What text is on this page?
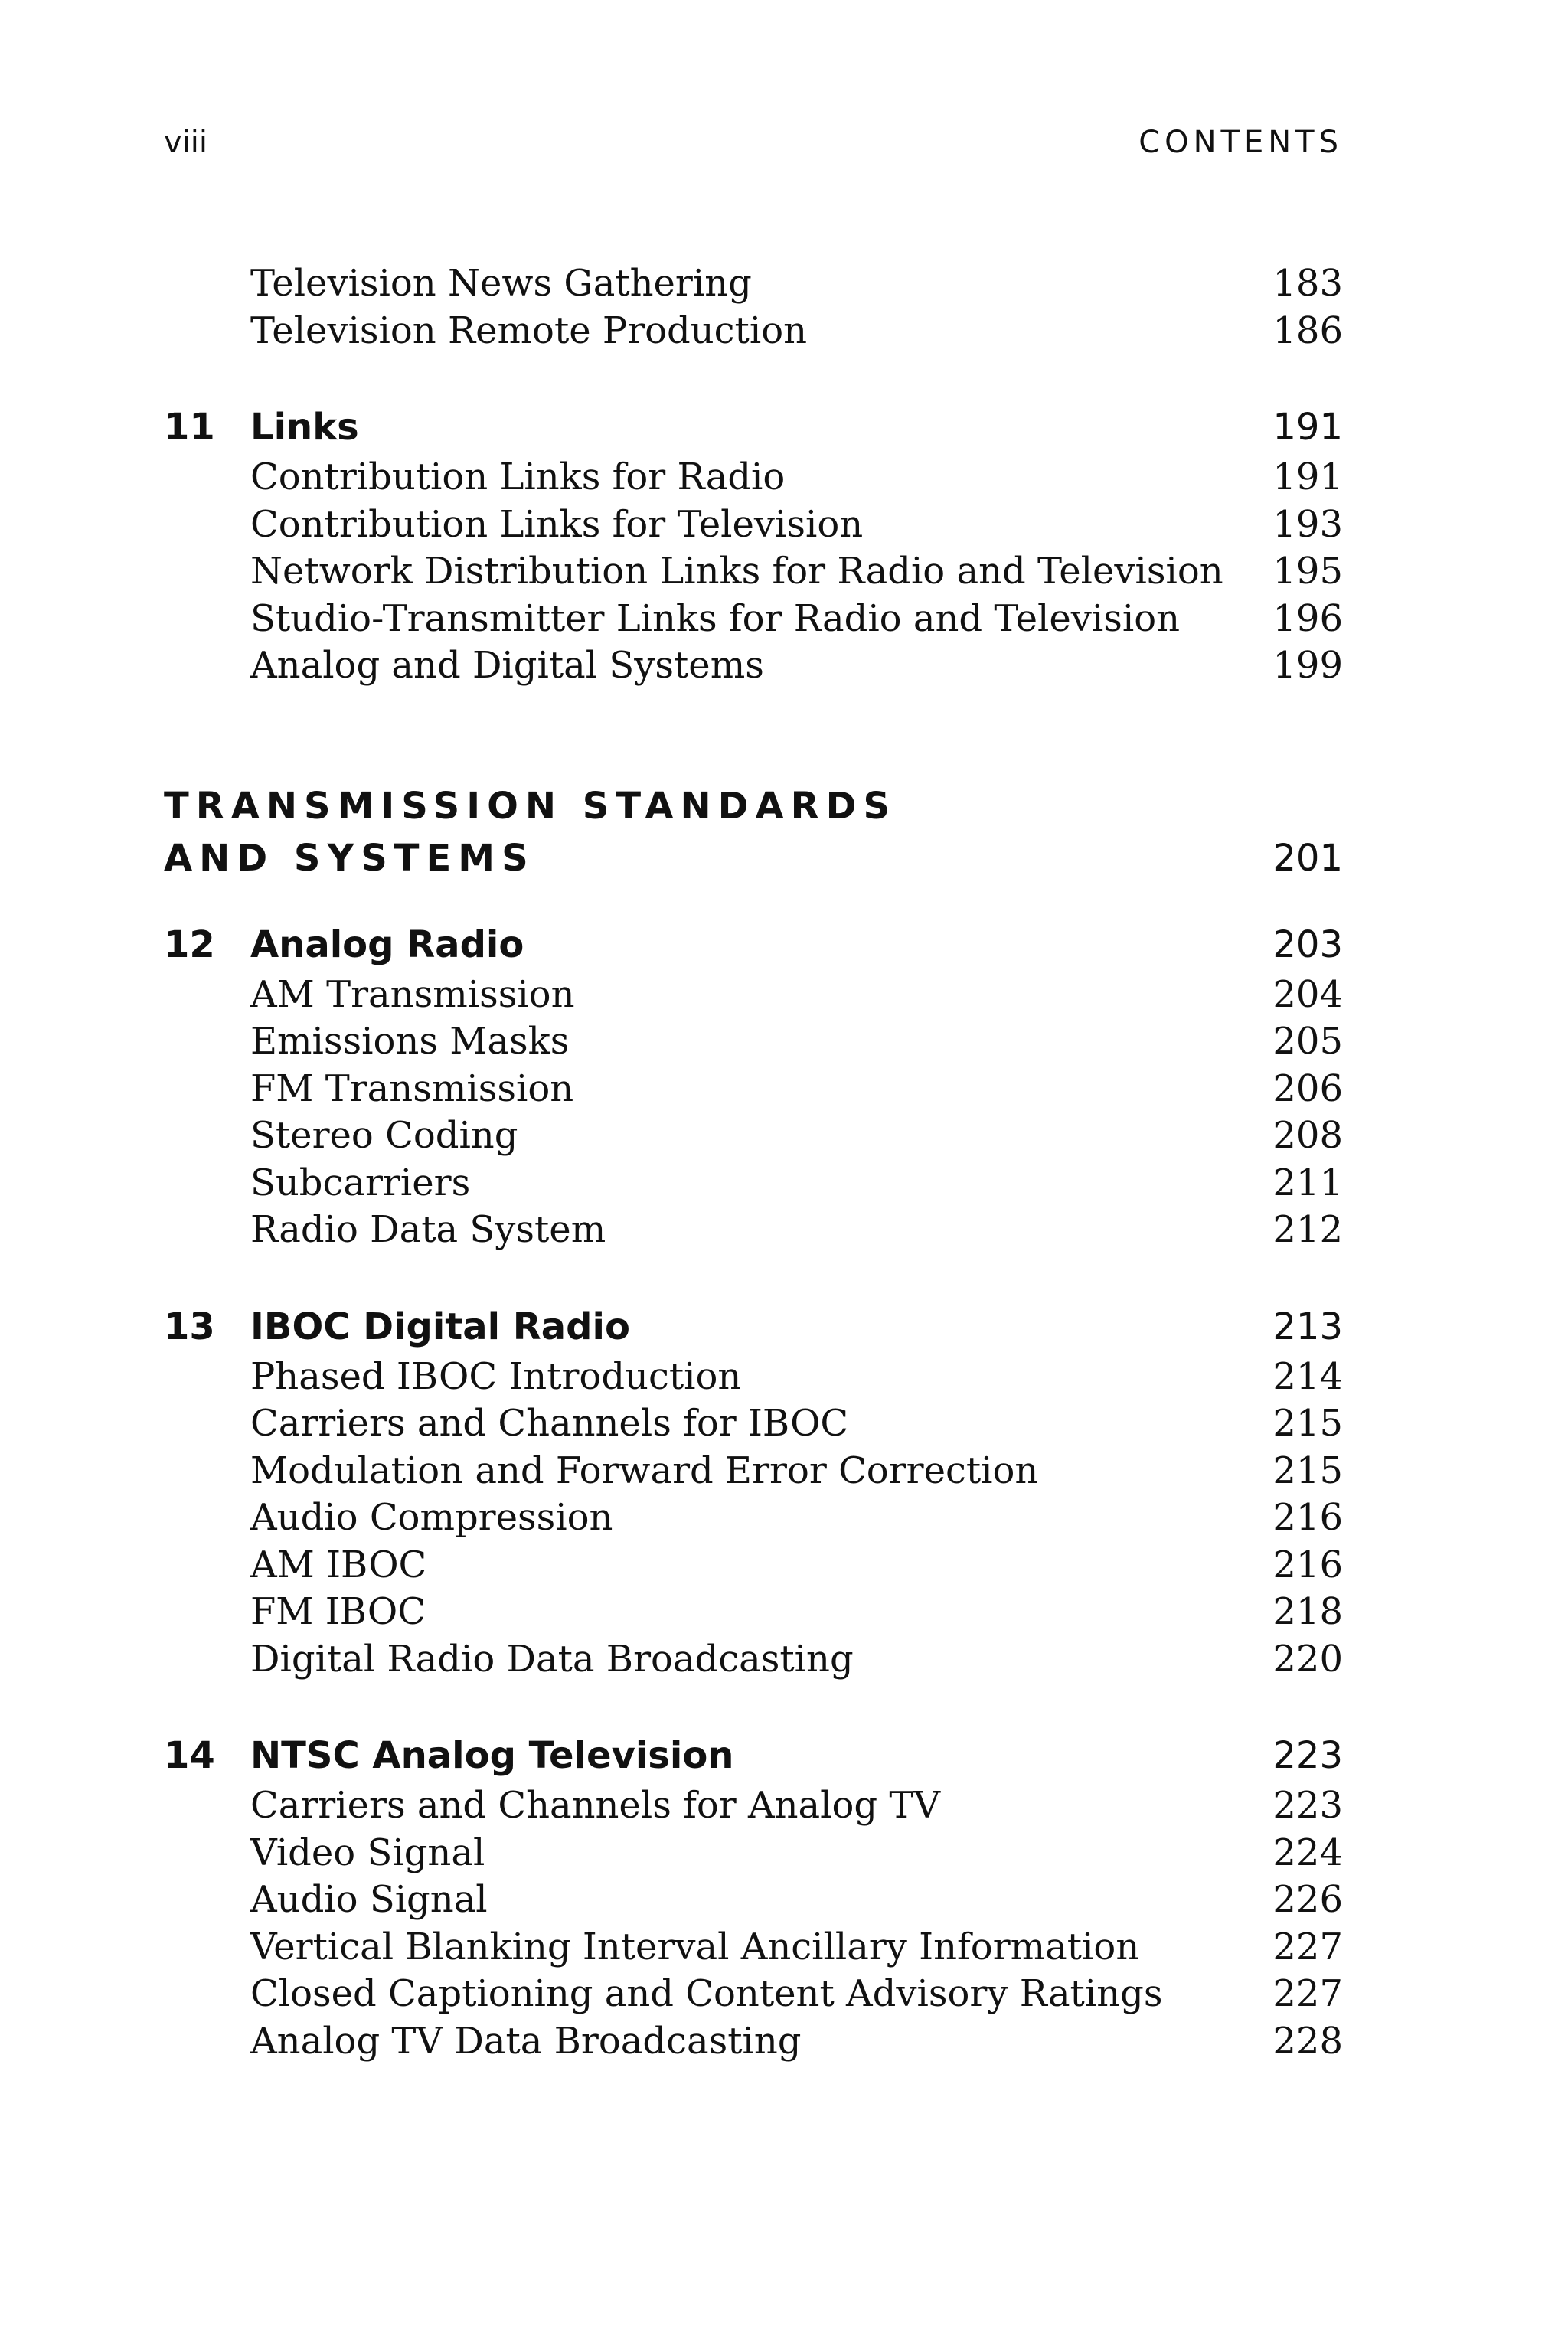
viii	CONTENTS
Television News Gathering	183
Television Remote Production	186
11 Links	191
Contribution Links for Radio	191
Contribution Links for Television	193
Network Distribution Links for Radio and Television 195
Studio-Transmitter Links for Radio and Television	196
Analog and Digital Systems	199
TRANSMISSION STANDARDS
AND SYSTEMS	201
12 Analog Radio	203
AM Transmission	204
Emissions Masks	205
FM Transmission	206
Stereo Coding	208
Subcarriers	211
Radio Data System	212
13 IBOC Digital Radio	213
Phased IBOC Introduction	214
Carriers and Channels for IBOC	215
Modulation and Forward Error Correction	215
Audio Compression	216
AM IBOC	216
FM IBOC	218
Digital Radio Data Broadcasting	220
14 NTSC Analog Television	223
Carriers and Channels for Analog TV	223
Video Signal	224
Audio Signal	226
Vertical Blanking Interval Ancillary Information	227
Closed Captioning and Content Advisory Ratings	227
Analog TV Data Broadcasting	228
